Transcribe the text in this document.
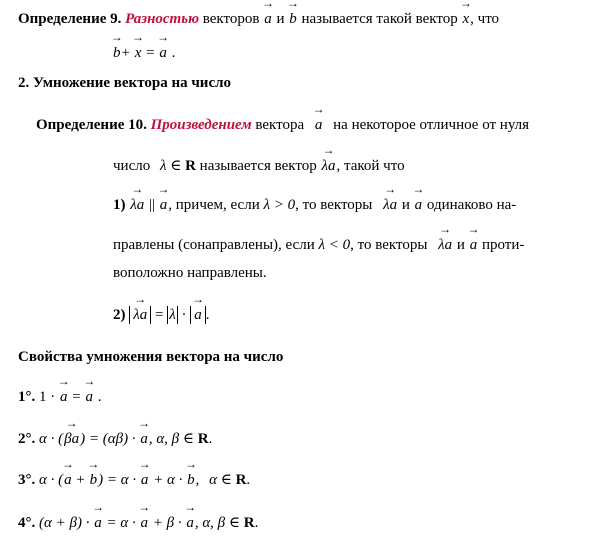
Определение 9. Разностью векторов → a и → b называется такой вектор → x, что
→ b+ → x = → a .
2. Умножение вектора на число
Определение 10. Произведением вектора → a на некоторое отличное от нуля
число λ ∈ R называется вектор → λa, такой что
1) → λa || → a, причем, если λ > 0, то векторы → λa и → a одинаково на-
правлены (сонаправлены), если λ < 0, то векторы → λa и → a проти-
воположно направлены.
2) → λa = λ · → a .
Свойства умножения вектора на число
1°. 1 · → a = → a .
2°. α · (→ βa) = (αβ) · → a, α, β ∈ R.
3°. α · (→ a + → b) = α · → a + α · → b, α ∈ R.
4°. (α + β) · → a = α · → a + β · → a, α, β ∈ R.
